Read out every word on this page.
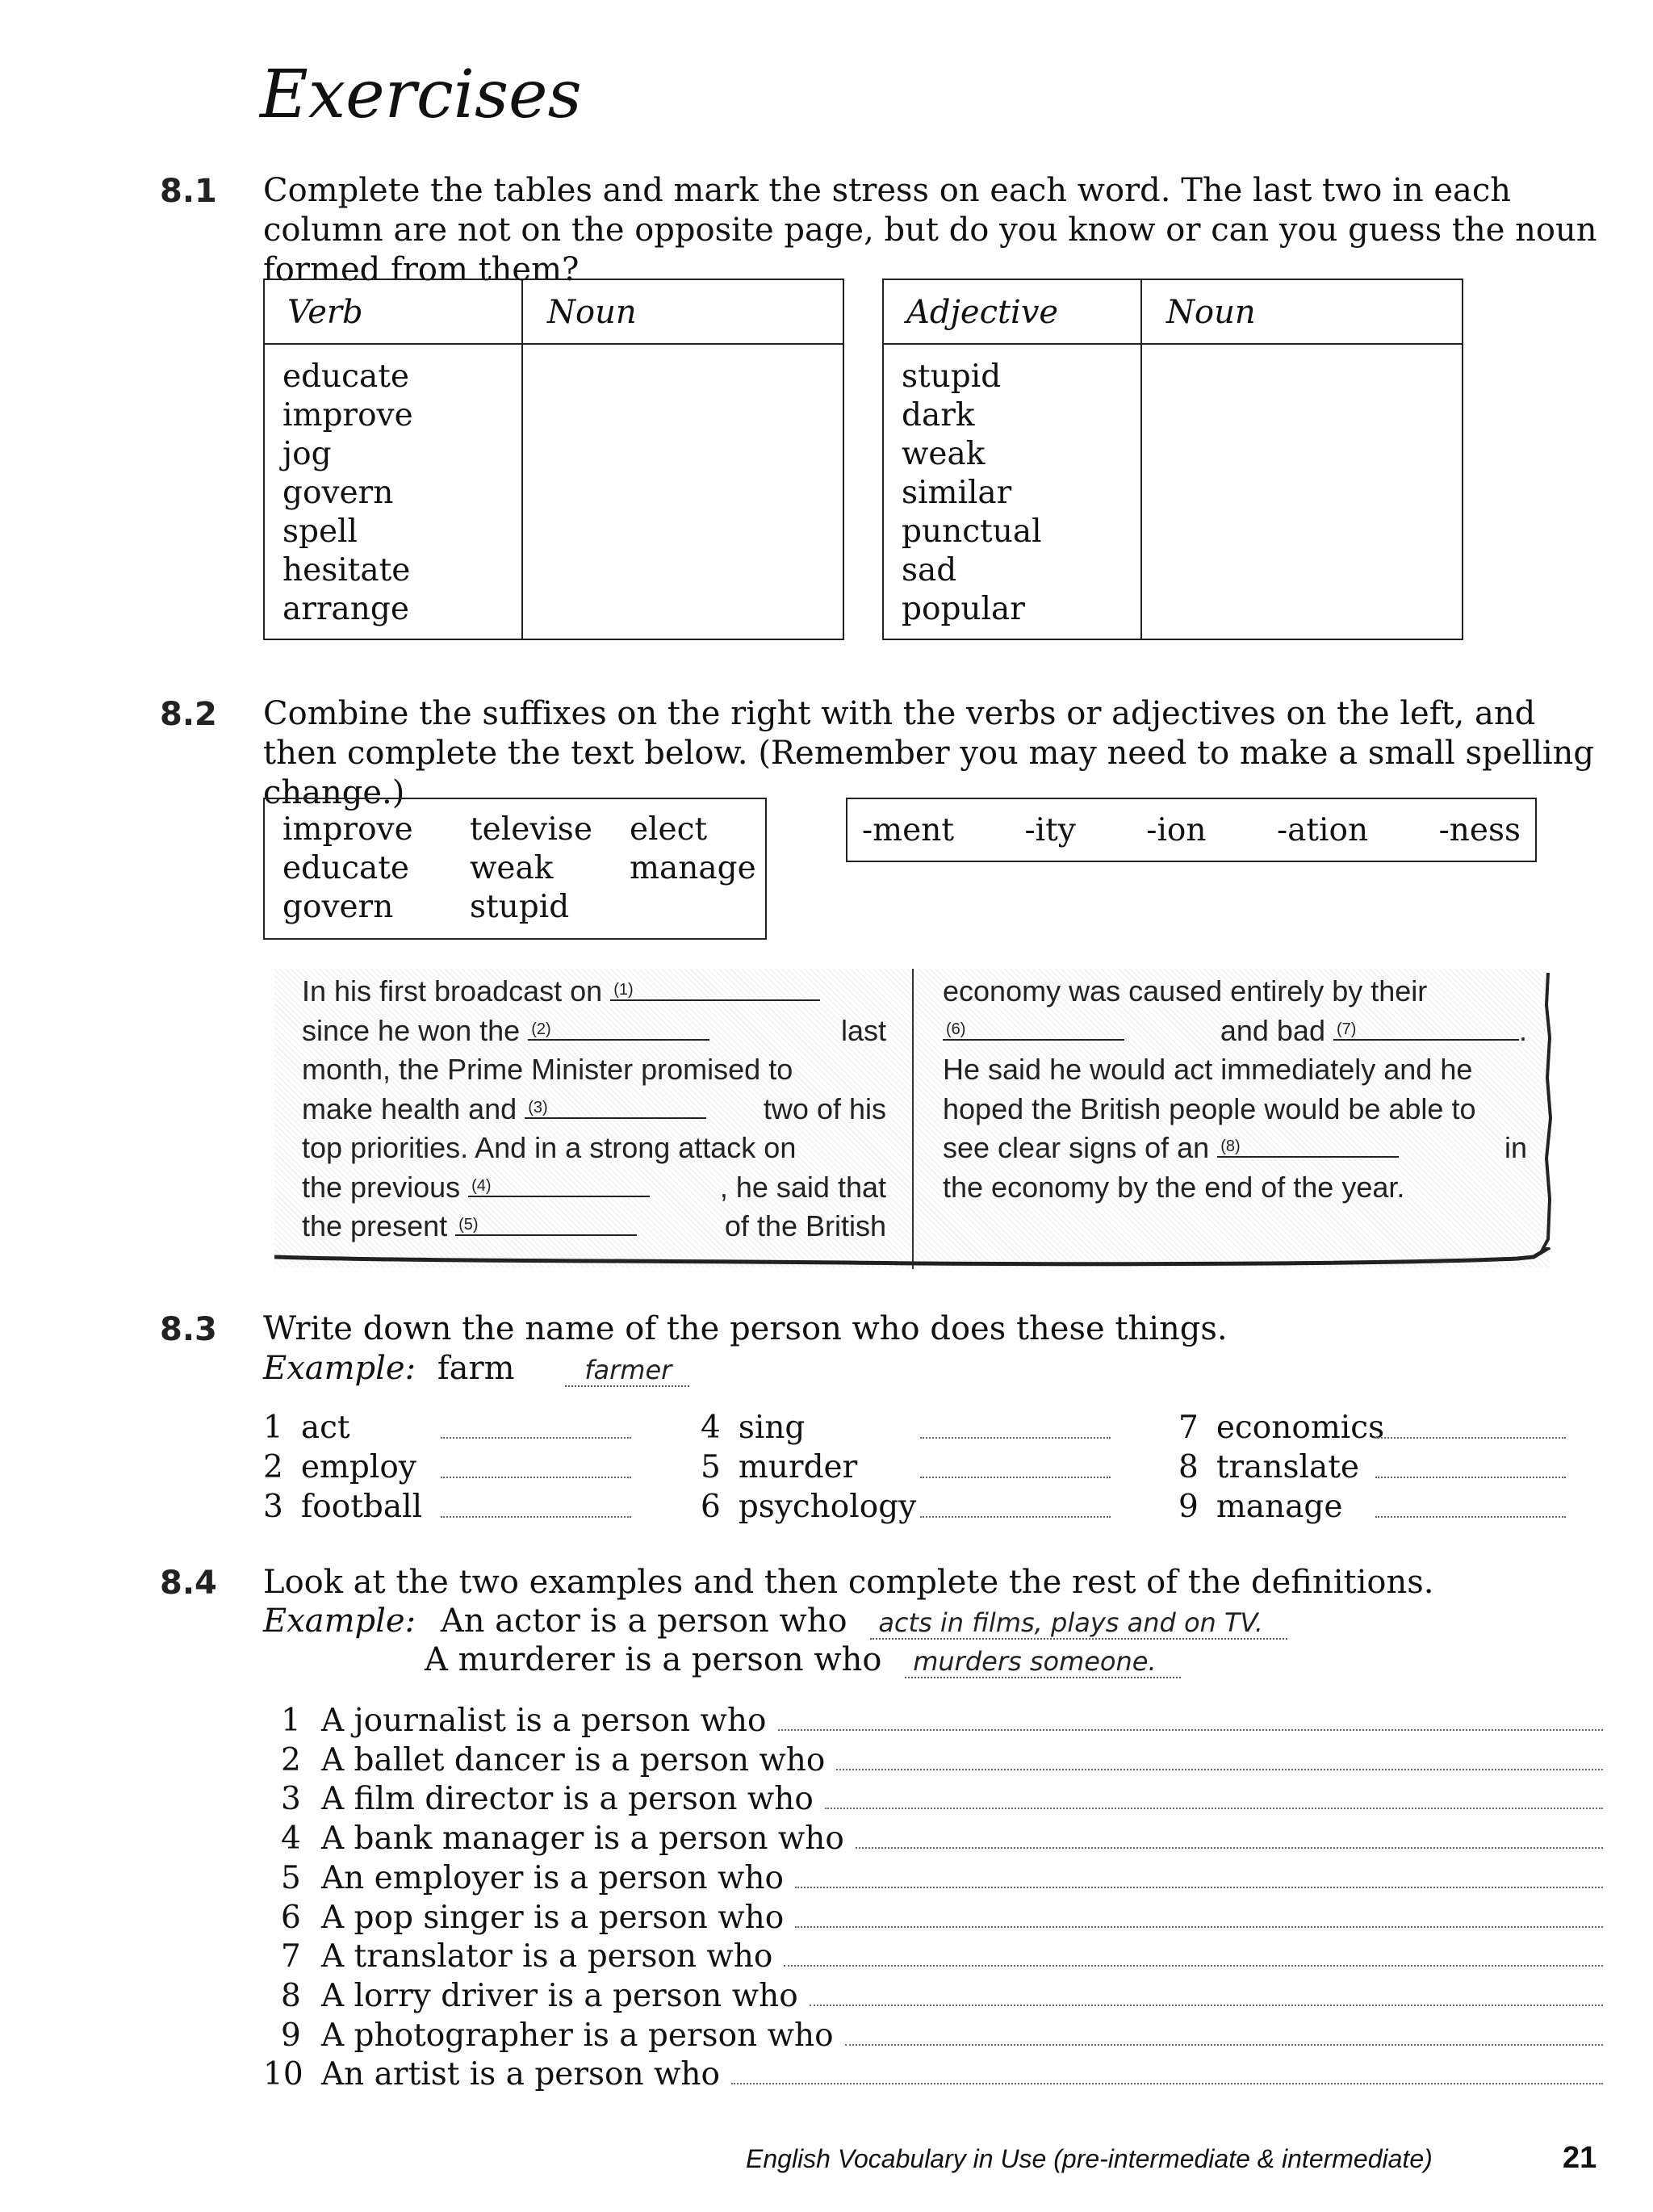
Exercises
8.1 Complete the tables and mark the stress on each word. The last two in each column are not on the opposite page, but do you know or can you guess the noun formed from them?
Verb	Noun
educate
improve
jog
govern
spell
hesitate
arrange
Adjective	Noun
stupid
dark
weak
similar
punctual
sad
popular
8.2 Combine the suffixes on the right with the verbs or adjectives on the left, and then complete the text below. (Remember you may need to make a small spelling change.)
improve televise elect
educate weak manage
govern stupid
-ment -ity -ion -ation -ness
In his first broadcast on (1)
since he won the (2)	last
month, the Prime Minister promised to
make health and (3)	two of his
top priorities. And in a strong attack on
the previous (4)	, he said that
the present (5)	of the British
economy was caused entirely by their
(6)	and bad (7)	.
He said he would act immediately and he
hoped the British people would be able to
see clear signs of an (8)	in
the economy by the end of the year.
8.3 Write down the name of the person who does these things.
Example: farm	farmer
1 act
2 employ
3 football
4 sing
5 murder
6 psychology
7 economics
8 translate
9 manage
8.4 Look at the two examples and then complete the rest of the definitions.
Example: An actor is a person who acts in films, plays and on TV.
A murderer is a person who murders someone.
1 A journalist is a person who
2 A ballet dancer is a person who
3 A film director is a person who
4 A bank manager is a person who
5 An employer is a person who
6 A pop singer is a person who
7 A translator is a person who
8 A lorry driver is a person who
9 A photographer is a person who
10 An artist is a person who
English Vocabulary in Use (pre-intermediate & intermediate)	21
